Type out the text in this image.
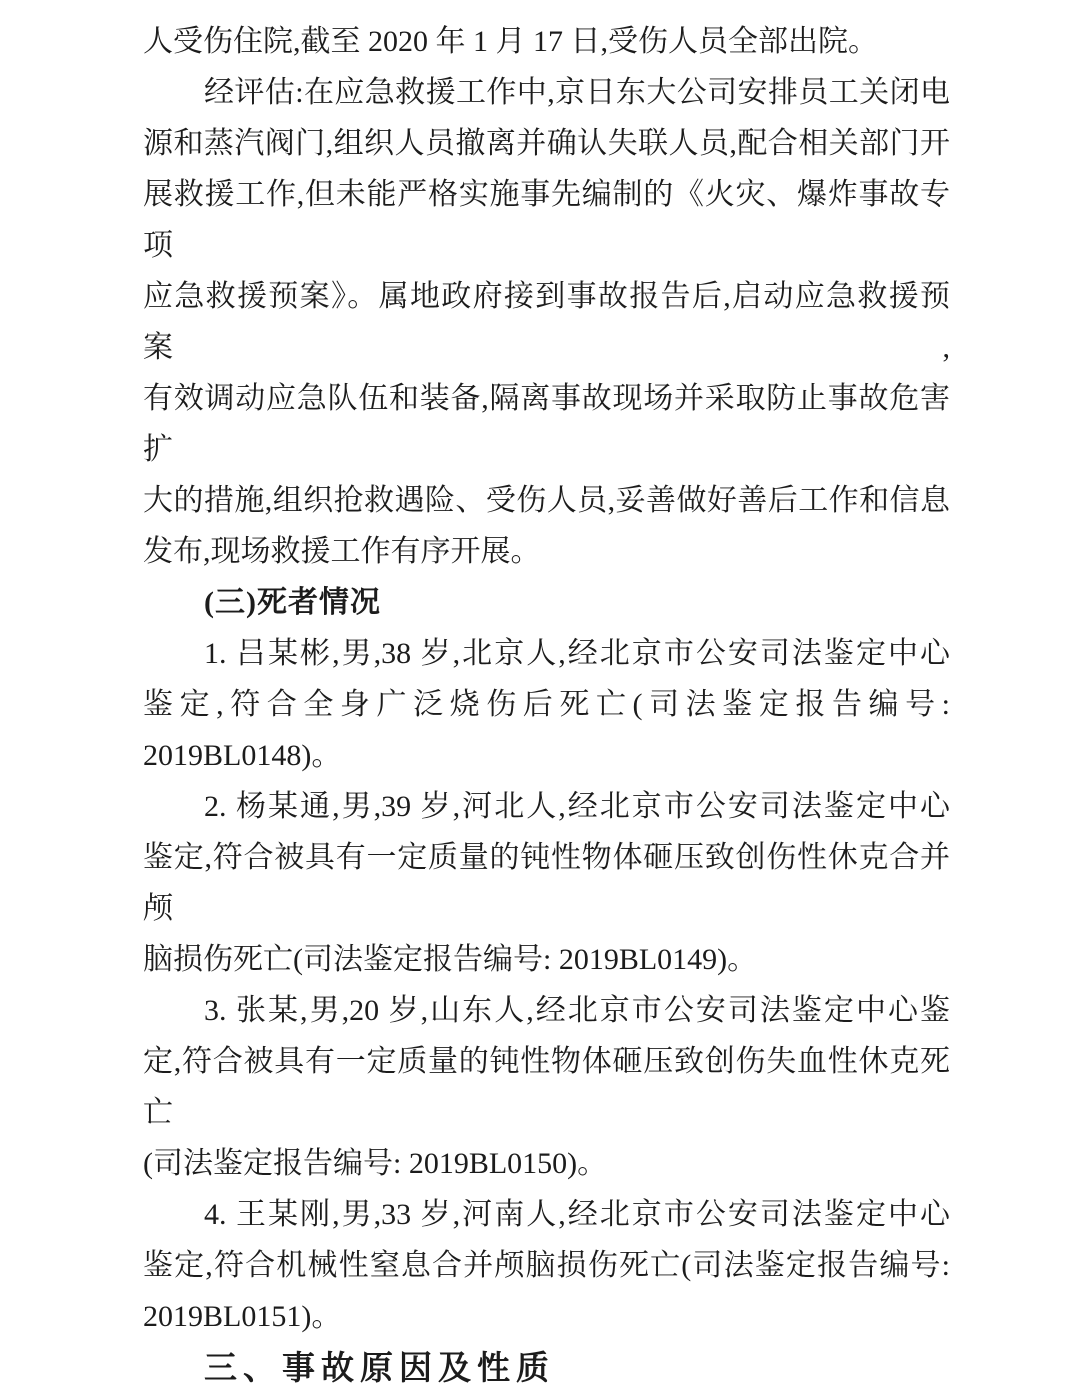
人受伤住院,截至 2020 年 1 月 17 日,受伤人员全部出院。
经评估:在应急救援工作中,京日东大公司安排员工关闭电
源和蒸汽阀门,组织人员撤离并确认失联人员,配合相关部门开
展救援工作,但未能严格实施事先编制的《火灾、爆炸事故专项
应急救援预案》。属地政府接到事故报告后,启动应急救援预案,
有效调动应急队伍和装备,隔离事故现场并采取防止事故危害扩
大的措施,组织抢救遇险、受伤人员,妥善做好善后工作和信息
发布,现场救援工作有序开展。
(三)死者情况
1. 吕某彬,男,38 岁,北京人,经北京市公安司法鉴定中心
鉴定,符合全身广泛烧伤后死亡(司法鉴定报告编号:
2019BL0148)。
2. 杨某通,男,39 岁,河北人,经北京市公安司法鉴定中心
鉴定,符合被具有一定质量的钝性物体砸压致创伤性休克合并颅
脑损伤死亡(司法鉴定报告编号: 2019BL0149)。
3. 张某,男,20 岁,山东人,经北京市公安司法鉴定中心鉴
定,符合被具有一定质量的钝性物体砸压致创伤失血性休克死亡
(司法鉴定报告编号: 2019BL0150)。
4. 王某刚,男,33 岁,河南人,经北京市公安司法鉴定中心
鉴定,符合机械性窒息合并颅脑损伤死亡(司法鉴定报告编号:
2019BL0151)。
三、事故原因及性质
